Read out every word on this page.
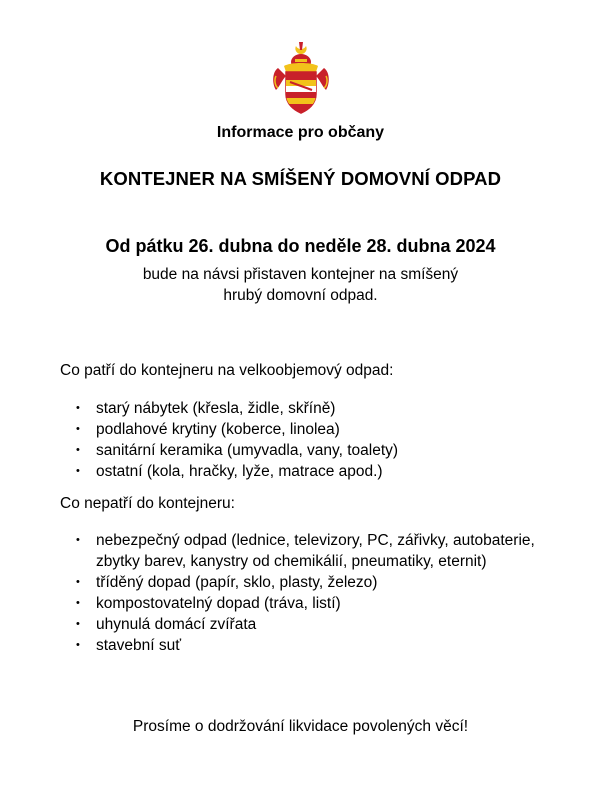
Informace pro občany
KONTEJNER NA SMÍŠENÝ DOMOVNÍ ODPAD
Od pátku 26. dubna do neděle 28. dubna 2024
bude na návsi přistaven kontejner na smíšený
hrubý domovní odpad.
Co patří do kontejneru na velkoobjemový odpad:
• starý nábytek (křesla, židle, skříně)
• podlahové krytiny (koberce, linolea)
• sanitární keramika (umyvadla, vany, toalety)
• ostatní (kola, hračky, lyže, matrace apod.)
Co nepatří do kontejneru:
• nebezpečný odpad (lednice, televizory, PC, zářivky, autobaterie, zbytky barev, kanystry od chemikálií, pneumatiky, eternit)
• tříděný dopad (papír, sklo, plasty, železo)
• kompostovatelný dopad (tráva, listí)
• uhynulá domácí zvířata
• stavební suť
Prosíme o dodržování likvidace povolených věcí!
